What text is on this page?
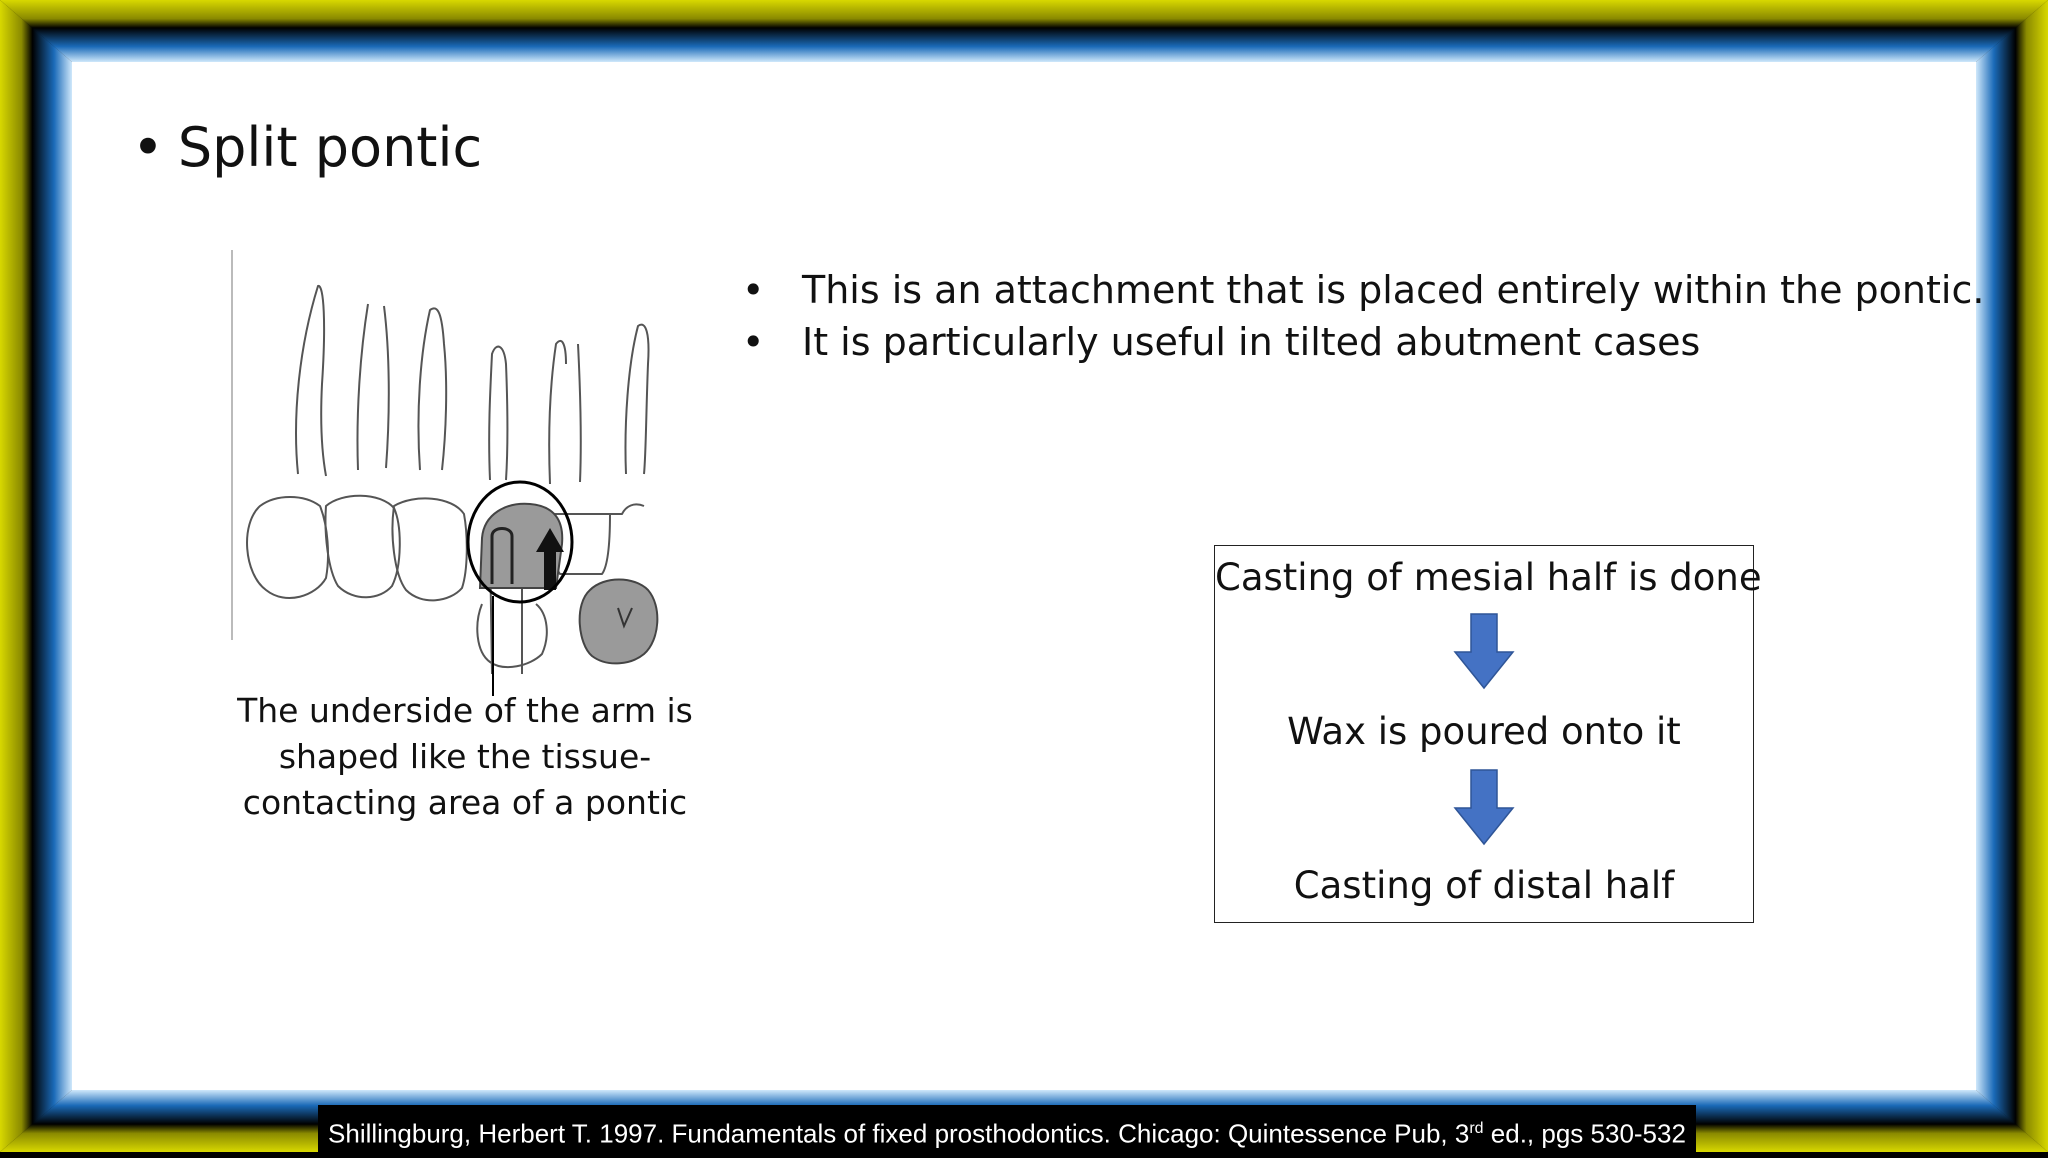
• Split pontic
• This is an attachment that is placed entirely within the pontic.
• It is particularly useful in tilted abutment cases
The underside of the arm is
shaped like the tissue-
contacting area of a pontic
Casting of mesial half is done
Wax is poured onto it
Casting of distal half
Shillingburg, Herbert T. 1997. Fundamentals of fixed prosthodontics. Chicago: Quintessence Pub, 3rd ed., pgs 530-532
